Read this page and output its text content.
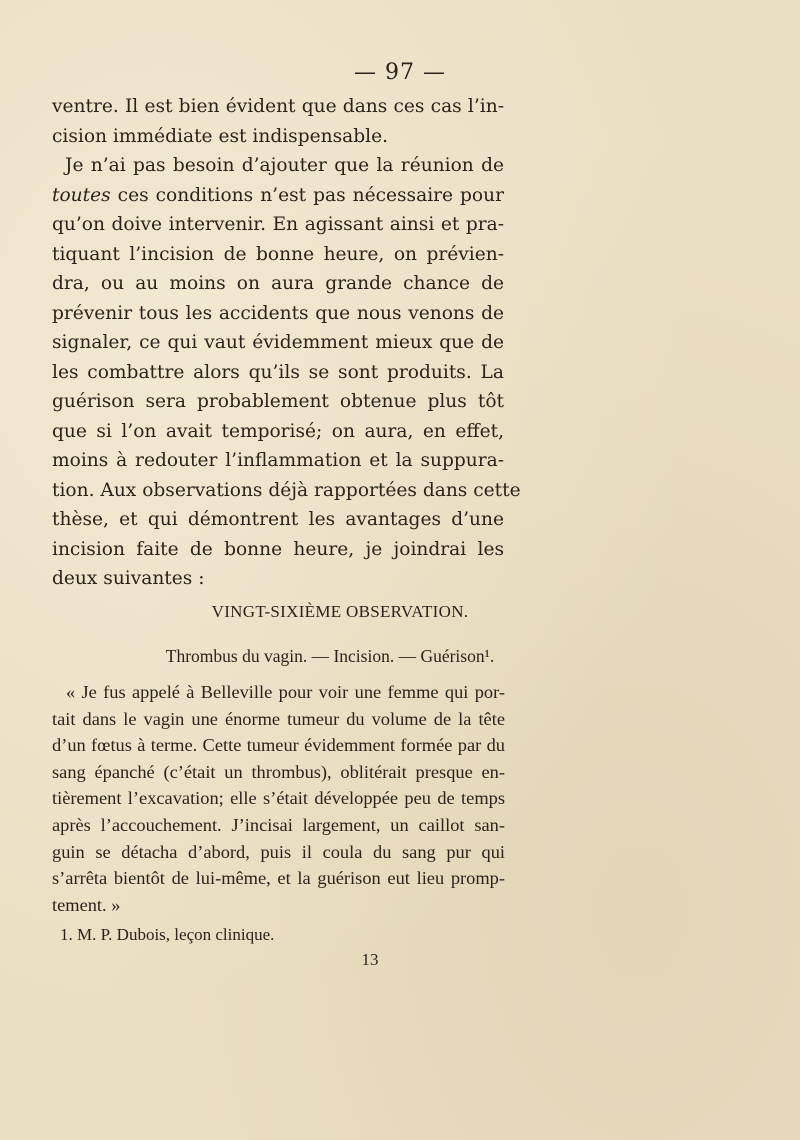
— 97 —
ventre. Il est bien évident que dans ces cas l’in-
cision immédiate est indispensable.
Je n’ai pas besoin d’ajouter que la réunion de
toutes ces conditions n’est pas nécessaire pour
qu’on doive intervenir. En agissant ainsi et pra-
tiquant l’incision de bonne heure, on prévien-
dra, ou au moins on aura grande chance de
prévenir tous les accidents que nous venons de
signaler, ce qui vaut évidemment mieux que de
les combattre alors qu’ils se sont produits. La
guérison sera probablement obtenue plus tôt
que si l’on avait temporisé; on aura, en effet,
moins à redouter l’inflammation et la suppura-
tion. Aux observations déjà rapportées dans cette
thèse, et qui démontrent les avantages d’une
incision faite de bonne heure, je joindrai les
deux suivantes :
VINGT-SIXIÈME OBSERVATION.
Thrombus du vagin. — Incision. — Guérison¹.
« Je fus appelé à Belleville pour voir une femme qui por-
tait dans le vagin une énorme tumeur du volume de la tête
d’un fœtus à terme. Cette tumeur évidemment formée par du
sang épanché (c’était un thrombus), oblitérait presque en-
tièrement l’excavation; elle s’était développée peu de temps
après l’accouchement. J’incisai largement, un caillot san-
guin se détacha d’abord, puis il coula du sang pur qui
s’arrêta bientôt de lui-même, et la guérison eut lieu promp-
tement. »
1. M. P. Dubois, leçon clinique.
13
